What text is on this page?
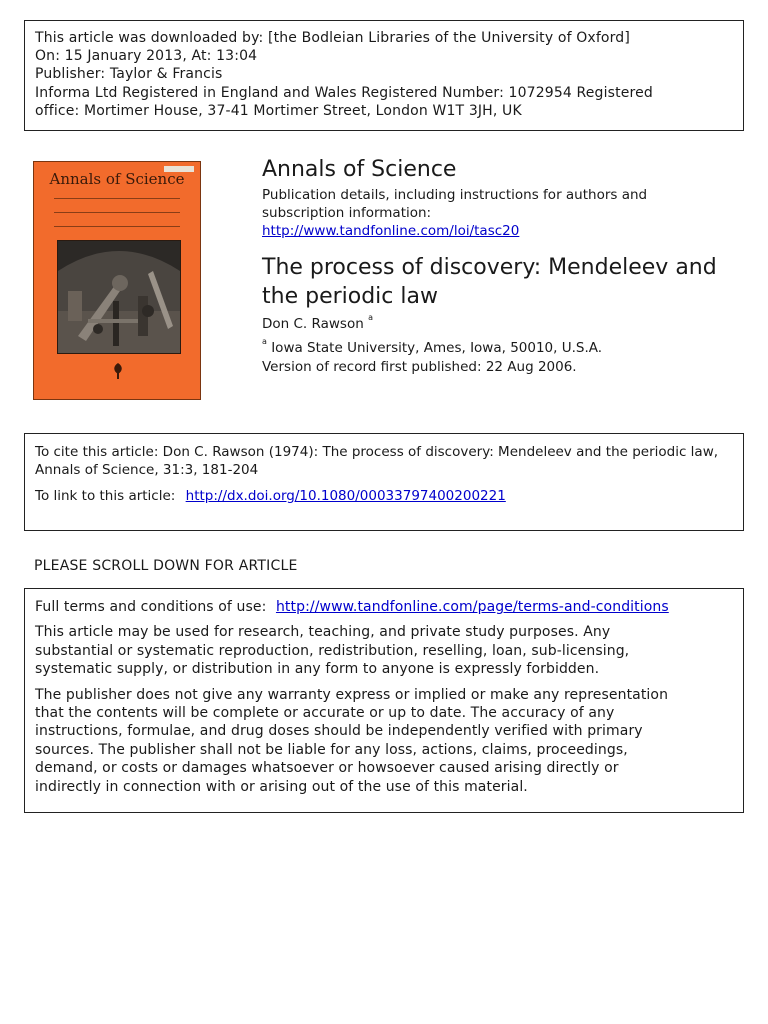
This article was downloaded by: [the Bodleian Libraries of the University of Oxford]
On: 15 January 2013, At: 13:04
Publisher: Taylor & Francis
Informa Ltd Registered in England and Wales Registered Number: 1072954 Registered
office: Mortimer House, 37-41 Mortimer Street, London W1T 3JH, UK
Annals of Science	Annals of Science
Publication details, including instructions for authors and
subscription information:
http://www.tandfonline.com/loi/tasc20
The process of discovery: Mendeleev and
the periodic law
Don C. Rawson $^a$
$^a$ Iowa State University, Ames, Iowa, 50010, U.S.A.
Version of record first published: 22 Aug 2006.
To cite this article: Don C. Rawson (1974): The process of discovery: Mendeleev and the periodic law,
Annals of Science, 31:3, 181-204
To link to this article: http://dx.doi.org/10.1080/00033797400200221
PLEASE SCROLL DOWN FOR ARTICLE

Full terms and conditions of use: http://www.tandfonline.com/page/terms-and-conditions

This article may be used for research, teaching, and private study purposes. Any
substantial or systematic reproduction, redistribution, reselling, loan, sub-licensing,
systematic supply, or distribution in any form to anyone is expressly forbidden.

The publisher does not give any warranty express or implied or make any representation
that the contents will be complete or accurate or up to date. The accuracy of any
instructions, formulae, and drug doses should be independently verified with primary
sources. The publisher shall not be liable for any loss, actions, claims, proceedings,
demand, or costs or damages whatsoever or howsoever caused arising directly or
indirectly in connection with or arising out of the use of this material.
